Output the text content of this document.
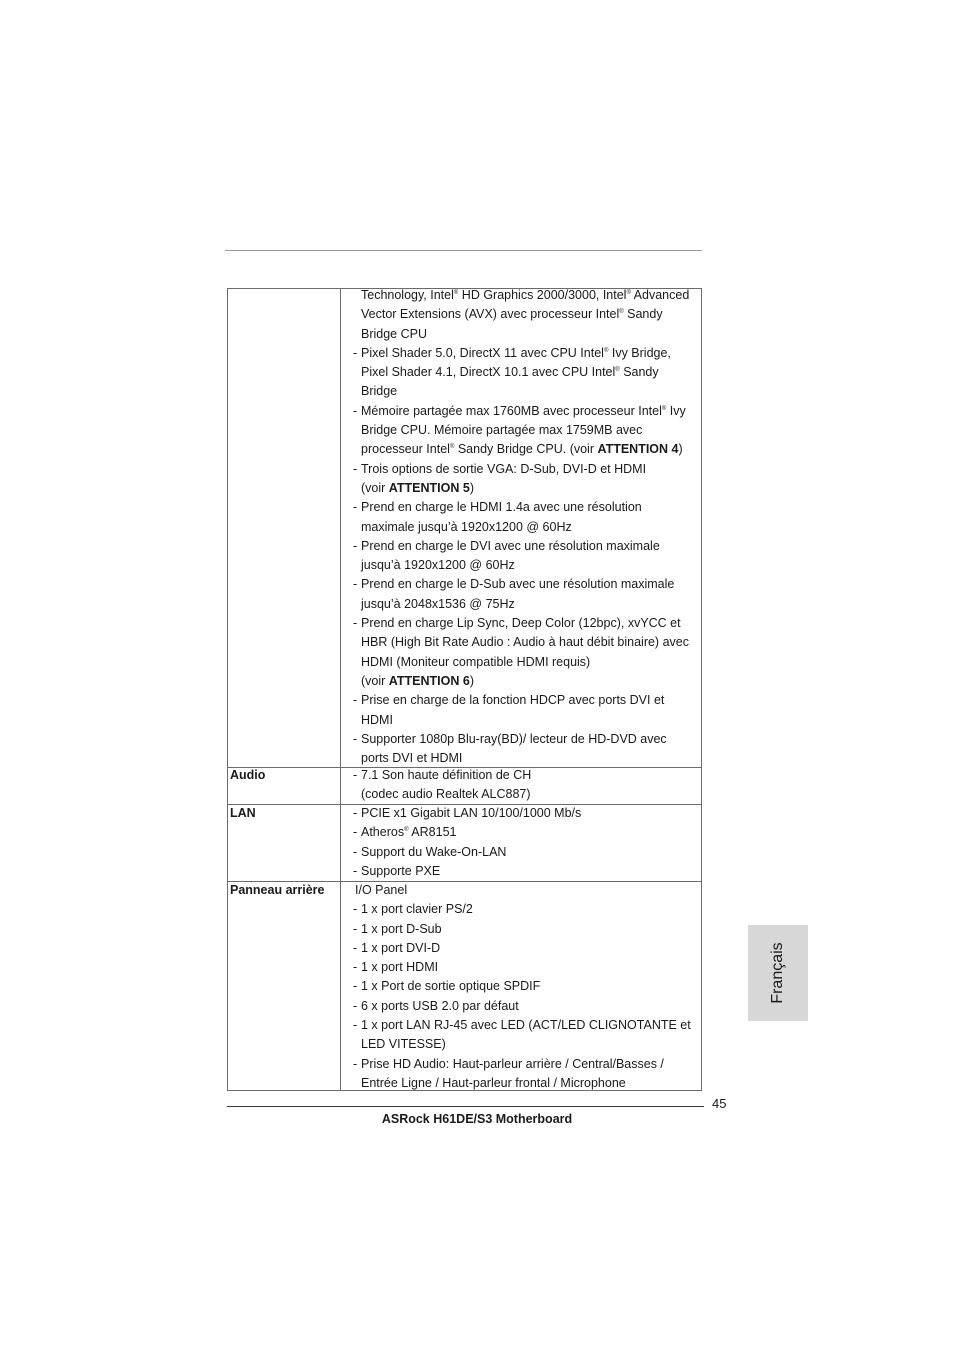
Technology, Intel® HD Graphics 2000/3000, Intel® Advanced
Vector Extensions (AVX) avec processeur Intel® Sandy
Bridge CPU
- Pixel Shader 5.0, DirectX 11 avec CPU Intel® Ivy Bridge,
Pixel Shader 4.1, DirectX 10.1 avec CPU Intel® Sandy
Bridge
- Mémoire partagée max 1760MB avec processeur Intel® Ivy
Bridge CPU. Mémoire partagée max 1759MB avec
processeur Intel® Sandy Bridge CPU. (voir ATTENTION 4)
- Trois options de sortie VGA: D-Sub, DVI-D et HDMI
(voir ATTENTION 5)
- Prend en charge le HDMI 1.4a avec une résolution
maximale jusqu’à 1920x1200 @ 60Hz
- Prend en charge le DVI avec une résolution maximale
jusqu’à 1920x1200 @ 60Hz
- Prend en charge le D-Sub avec une résolution maximale
jusqu’à 2048x1536 @ 75Hz
- Prend en charge Lip Sync, Deep Color (12bpc), xvYCC et
HBR (High Bit Rate Audio : Audio à haut débit binaire) avec
HDMI (Moniteur compatible HDMI requis)
(voir ATTENTION 6)
- Prise en charge de la fonction HDCP avec ports DVI et
HDMI
- Supporter 1080p Blu-ray(BD)/ lecteur de HD-DVD avec
ports DVI et HDMI
Audio	- 7.1 Son haute définition de CH
(codec audio Realtek ALC887)
LAN	- PCIE x1 Gigabit LAN 10/100/1000 Mb/s
- Atheros® AR8151
- Support du Wake-On-LAN
- Supporte PXE
Panneau arrière I/O Panel
- 1 x port clavier PS/2
- 1 x port D-Sub
- 1 x port DVI-D
- 1 x port HDMI
- 1 x Port de sortie optique SPDIF
- 6 x ports USB 2.0 par défaut
- 1 x port LAN RJ-45 avec LED (ACT/LED CLIGNOTANTE et
LED VITESSE)
- Prise HD Audio: Haut-parleur arrière / Central/Basses /
Entrée Ligne / Haut-parleur frontal / Microphone
Français
45
ASRock H61DE/S3 Motherboard
